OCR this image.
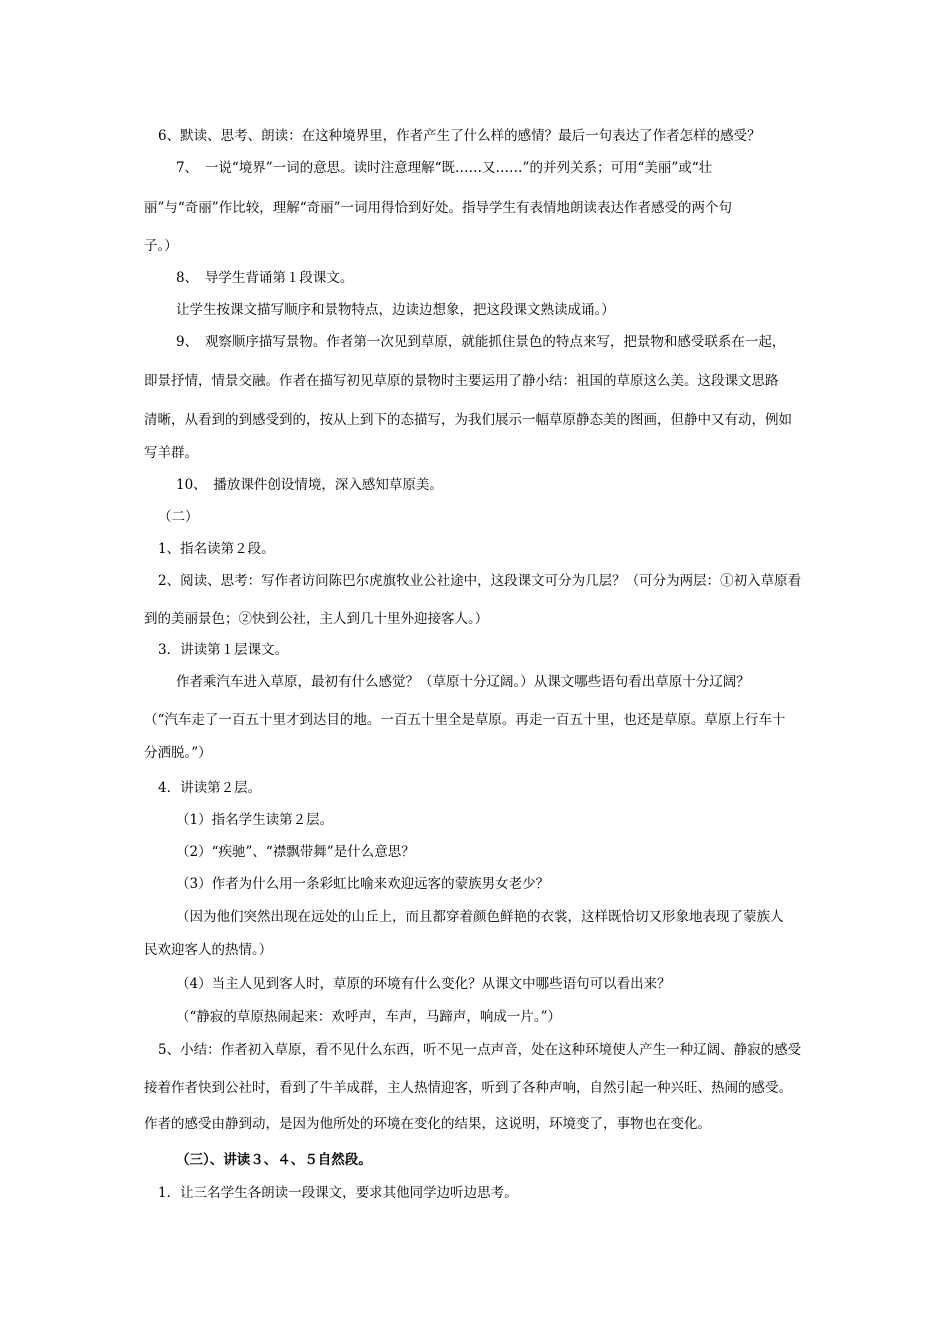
6、默读、思考、朗读：在这种境界里，作者产生了什么样的感情？最后一句表达了作者怎样的感受？
7、　一说“境界”一词的意思。读时注意理解“既……又……”的并列关系；可用“美丽”或“壮
丽”与“奇丽”作比较，理解“奇丽”一词用得恰到好处。指导学生有表情地朗读表达作者感受的两个句
子。）
8、　导学生背诵第１段课文。
让学生按课文描写顺序和景物特点，边读边想象，把这段课文熟读成诵。）
9、　观察顺序描写景物。作者第一次见到草原，就能抓住景色的特点来写，把景物和感受联系在一起，
即景抒情，情景交融。作者在描写初见草原的景物时主要运用了静小结：祖国的草原这么美。这段课文思路
清晰，从看到的到感受到的，按从上到下的态描写，为我们展示一幅草原静态美的图画，但静中又有动，例如
写羊群。
10、　播放课件创设情境，深入感知草原美。
（二）
1、指名读第２段。
2、阅读、思考：写作者访问陈巴尔虎旗牧业公社途中，这段课文可分为几层？（可分为两层：①初入草原看
到的美丽景色；②快到公社，主人到几十里外迎接客人。）
3．讲读第１层课文。
作者乘汽车进入草原，最初有什么感觉？（草原十分辽阔。）从课文哪些语句看出草原十分辽阔？
（“汽车走了一百五十里才到达目的地。一百五十里全是草原。再走一百五十里，也还是草原。草原上行车十
分洒脱。”）
4．讲读第２层。
（1）指名学生读第２层。
（2）“疾驰”、“襟飘带舞”是什么意思？
（3）作者为什么用一条彩虹比喻来欢迎远客的蒙族男女老少？
（因为他们突然出现在远处的山丘上，而且都穿着颜色鲜艳的衣裳，这样既恰切又形象地表现了蒙族人
民欢迎客人的热情。）
（4）当主人见到客人时，草原的环境有什么变化？从课文中哪些语句可以看出来？
（“静寂的草原热闹起来：欢呼声，车声，马蹄声，响成一片。”）
5、小结：作者初入草原，看不见什么东西，听不见一点声音，处在这种环境使人产生一种辽阔、静寂的感受
接着作者快到公社时，看到了牛羊成群，主人热情迎客，听到了各种声响，自然引起一种兴旺、热闹的感受。
作者的感受由静到动，是因为他所处的环境在变化的结果，这说明，环境变了，事物也在变化。
（三）、讲读３、４、５自然段。
1．让三名学生各朗读一段课文，要求其他同学边听边思考。
